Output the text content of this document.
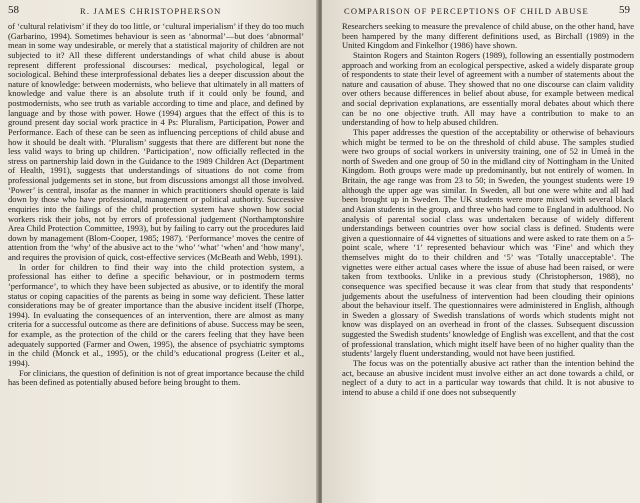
58	R. JAMES CHRISTOPHERSON

of ‘cultural relativism’ if they do too little, or ‘cultural imperialism’ if they do too much (Garbarino, 1994). Sometimes behaviour is seen as ‘abnormal’—but does ‘abnormal’ mean in some way undesirable, or merely that a statistical majority of children are not subjected to it? All these different understandings of what child abuse is about represent different professional discourses: medical, psychological, legal or sociological. Behind these interprofessional debates lies a deeper discussion about the nature of knowledge: between modernists, who believe that ultimately in all matters of knowledge and value there is an absolute truth if it could only be found, and postmodernists, who see truth as variable according to time and place, and defined by language and by those with power. Howe (1994) argues that the effect of this is to ground present day social work practice in 4 Ps: Pluralism, Participation, Power and Performance. Each of these can be seen as influencing perceptions of child abuse and how it should be dealt with. ‘Pluralism’ suggests that there are different but none the less valid ways to bring up children. ‘Participation’, now officially reflected in the stress on partnership laid down in the Guidance to the 1989 Children Act (Department of Health, 1991), suggests that understandings of situations do not come from professional judgements set in stone, but from discussions amongst all those involved. ‘Power’ is central, insofar as the manner in which practitioners should operate is laid down by those who have professional, management or political authority. Successive enquiries into the failings of the child protection system have shown how social workers risk their jobs, not by errors of professional judgement (Northamptonshire Area Child Protection Committee, 1993), but by failing to carry out the procedures laid down by management (Blom-Cooper, 1985; 1987). ‘Performance’ moves the centre of attention from the ‘why’ of the abusive act to the ‘who’ ‘what’ ‘when’ and ‘how many’, and requires the provision of quick, cost-effective services (McBeath and Webb, 1991).

In order for children to find their way into the child protection system, a professional has either to define a specific behaviour, or in postmodern terms ‘performance’, to which they have been subjected as abusive, or to identify the moral status or coping capacities of the parents as being in some way deficient. These latter considerations may be of greater importance than the abusive incident itself (Thorpe, 1994). In evaluating the consequences of an intervention, there are almost as many criteria for a successful outcome as there are definitions of abuse. Success may be seen, for example, as the protection of the child or the carers feeling that they have been adequately supported (Farmer and Owen, 1995), the absence of psychiatric symptoms in the child (Monck et al., 1995), or the child’s educational progress (Leiter et al., 1994).

For clinicians, the question of definition is not of great importance because the child has been defined as potentially abused before being brought to them.

COMPARISON OF PERCEPTIONS OF CHILD ABUSE	59

Researchers seeking to measure the prevalence of child abuse, on the other hand, have been hampered by the many different definitions used, as Birchall (1989) in the United Kingdom and Finkelhor (1986) have shown.

Stainton Rogers and Stainton Rogers (1989), following an essentially postmodern approach and working from an ecological perspective, asked a widely disparate group of respondents to state their level of agreement with a number of statements about the nature and causation of abuse. They showed that no one discourse can claim validity over others because differences in belief about abuse, for example between medical and social deprivation explanations, are essentially moral debates about which there can be no one objective truth. All may have a contribution to make to an understanding of how to help abused children.

This paper addresses the question of the acceptability or otherwise of behaviours which might be termed to be on the threshold of child abuse. The samples studied were two groups of social workers in university training, one of 52 in Umeå in the north of Sweden and one group of 50 in the midland city of Nottingham in the United Kingdom. Both groups were made up predominantly, but not entirely of women. In Britain, the age range was from 23 to 50; in Sweden, the youngest students were 19 although the upper age was similar. In Sweden, all but one were white and all had been brought up in Sweden. The UK students were more mixed with several black and Asian students in the group, and three who had come to England in adulthood. No analysis of parental social class was undertaken because of widely different understandings between countries over how social class is defined. Students were given a questionnaire of 44 vignettes of situations and were asked to rate them on a 5-point scale, where ‘1’ represented behaviour which was ‘Fine’ and which they themselves might do to their children and ‘5’ was ‘Totally unacceptable’. The vignettes were either actual cases where the issue of abuse had been raised, or were taken from textbooks. Unlike in a previous study (Christopherson, 1988), no consequence was specified because it was clear from that study that respondents’ judgements about the usefulness of intervention had been clouding their opinions about the behaviour itself. The questionnaires were administered in English, although in Sweden a glossary of Swedish translations of words which students might not know was displayed on an overhead in front of the classes. Subsequent discussion suggested the Swedish students’ knowledge of English was excellent, and that the cost of professional translation, which might itself have been of no higher quality than the students’ largely fluent understanding, would not have been justified.

The focus was on the potentially abusive act rather than the intention behind the act, because an abusive incident must involve either an act done towards a child, or neglect of a duty to act in a particular way towards that child. It is not abusive to intend to abuse a child if one does not subsequently
